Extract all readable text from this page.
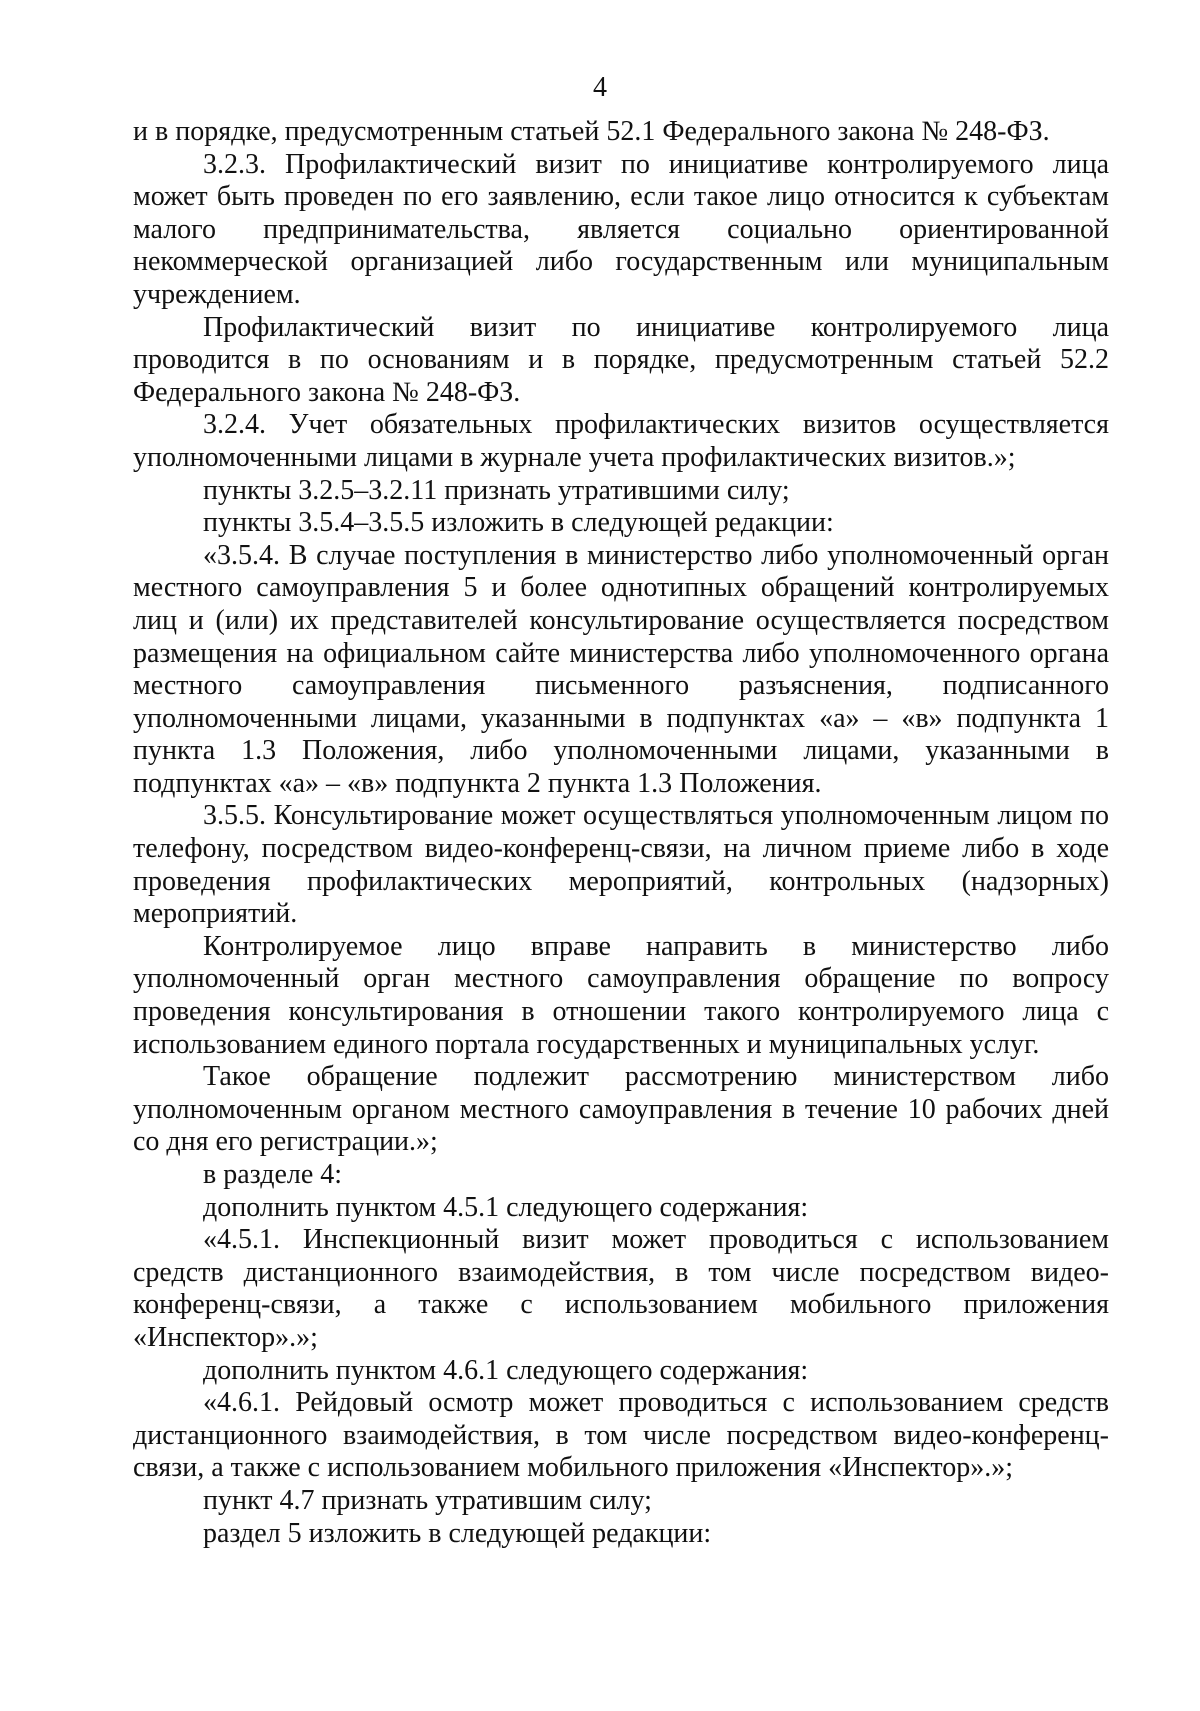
4

и в порядке, предусмотренным статьей 52.1 Федерального закона № 248-ФЗ.

3.2.3. Профилактический визит по инициативе контролируемого лица может быть проведен по его заявлению, если такое лицо относится к субъектам малого предпринимательства, является социально ориентированной некоммерческой организацией либо государственным или муниципальным учреждением.

Профилактический визит по инициативе контролируемого лица проводится в по основаниям и в порядке, предусмотренным статьей 52.2 Федерального закона № 248-ФЗ.

3.2.4. Учет обязательных профилактических визитов осуществляется уполномоченными лицами в журнале учета профилактических визитов.»;

пункты 3.2.5–3.2.11 признать утратившими силу;

пункты 3.5.4–3.5.5 изложить в следующей редакции:

«3.5.4. В случае поступления в министерство либо уполномоченный орган местного самоуправления 5 и более однотипных обращений контролируемых лиц и (или) их представителей консультирование осуществляется посредством размещения на официальном сайте министерства либо уполномоченного органа местного самоуправления письменного разъяснения, подписанного уполномоченными лицами, указанными в подпунктах «а» – «в» подпункта 1 пункта 1.3 Положения, либо уполномоченными лицами, указанными в подпунктах «а» – «в» подпункта 2 пункта 1.3 Положения.

3.5.5. Консультирование может осуществляться уполномоченным лицом по телефону, посредством видео-конференц-связи, на личном приеме либо в ходе проведения профилактических мероприятий, контрольных (надзорных) мероприятий.

Контролируемое лицо вправе направить в министерство либо уполномоченный орган местного самоуправления обращение по вопросу проведения консультирования в отношении такого контролируемого лица с использованием единого портала государственных и муниципальных услуг.

Такое обращение подлежит рассмотрению министерством либо уполномоченным органом местного самоуправления в течение 10 рабочих дней со дня его регистрации.»;

в разделе 4:

дополнить пунктом 4.5.1 следующего содержания:

«4.5.1. Инспекционный визит может проводиться с использованием средств дистанционного взаимодействия, в том числе посредством видео-конференц-связи, а также с использованием мобильного приложения «Инспектор».»;

дополнить пунктом 4.6.1 следующего содержания:

«4.6.1. Рейдовый осмотр может проводиться с использованием средств дистанционного взаимодействия, в том числе посредством видео-конференц-связи, а также с использованием мобильного приложения «Инспектор».»;

пункт 4.7 признать утратившим силу;

раздел 5 изложить в следующей редакции:
